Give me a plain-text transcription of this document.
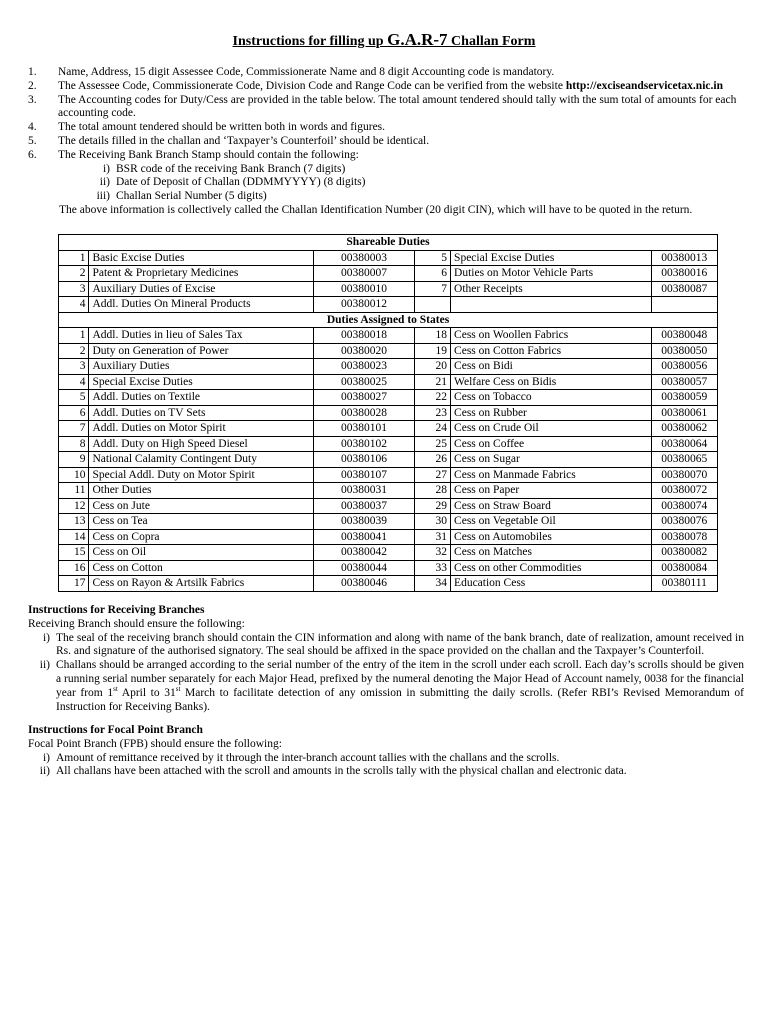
Instructions for filling up G.A.R-7 Challan Form
1.	Name, Address, 15 digit Assessee Code, Commissionerate Name and 8 digit Accounting code is mandatory.
2.	The Assessee Code, Commissionerate Code, Division Code and Range Code can be verified from the website http://exciseandservicetax.nic.in
3.	The Accounting codes for Duty/Cess are provided in the table below. The total amount tendered should tally with the sum total of amounts for each accounting code.
4.	The total amount tendered should be written both in words and figures.
5.	The details filled in the challan and ‘Taxpayer’s Counterfoil’ should be identical.
6.	The Receiving Bank Branch Stamp should contain the following:
i) BSR code of the receiving Bank Branch (7 digits)
ii) Date of Deposit of Challan (DDMMYYYY) (8 digits)
iii) Challan Serial Number (5 digits)
The above information is collectively called the Challan Identification Number (20 digit CIN), which will have to be quoted in the return.
Shareable Duties					
1	Basic Excise Duties	00380003	5	Special Excise Duties	00380013
2	Patent & Proprietary Medicines	00380007	6	Duties on Motor Vehicle Parts	00380016
3	Auxiliary Duties of Excise	00380010	7	Other Receipts	00380087
4	Addl. Duties On Mineral Products	00380012			
Duties Assigned to States					
1	Addl. Duties in lieu of Sales Tax	00380018	18	Cess on Woollen Fabrics	00380048
2	Duty on Generation of Power	00380020	19	Cess on Cotton Fabrics	00380050
3	Auxiliary Duties	00380023	20	Cess on Bidi	00380056
4	Special Excise Duties	00380025	21	Welfare Cess on Bidis	00380057
5	Addl. Duties on Textile	00380027	22	Cess on Tobacco	00380059
6	Addl. Duties on TV Sets	00380028	23	Cess on Rubber	00380061
7	Addl. Duties on Motor Spirit	00380101	24	Cess on Crude Oil	00380062
8	Addl. Duty on High Speed Diesel	00380102	25	Cess on Coffee	00380064
9	National Calamity Contingent Duty	00380106	26	Cess on Sugar	00380065
10	Special Addl. Duty on Motor Spirit	00380107	27	Cess on Manmade Fabrics	00380070
11	Other Duties	00380031	28	Cess on Paper	00380072
12	Cess on Jute	00380037	29	Cess on Straw Board	00380074
13	Cess on Tea	00380039	30	Cess on Vegetable Oil	00380076
14	Cess on Copra	00380041	31	Cess on Automobiles	00380078
15	Cess on Oil	00380042	32	Cess on Matches	00380082
16	Cess on Cotton	00380044	33	Cess on other Commodities	00380084
17	Cess on Rayon & Artsilk Fabrics	00380046	34	Education Cess	00380111
Instructions for Receiving Branches
Receiving Branch should ensure the following:
i) The seal of the receiving branch should contain the CIN information and along with name of the bank branch, date of realization, amount received in Rs. and signature of the authorised signatory. The seal should be affixed in the space provided on the challan and the Taxpayer’s Counterfoil.
ii) Challans should be arranged according to the serial number of the entry of the item in the scroll under each scroll. Each day’s scrolls should be given a running serial number separately for each Major Head, prefixed by the numeral denoting the Major Head of Account namely, 0038 for the financial year from 1st April to 31st March to facilitate detection of any omission in submitting the daily scrolls. (Refer RBI’s Revised Memorandum of Instruction for Receiving Banks).
Instructions for Focal Point Branch
Focal Point Branch (FPB) should ensure the following:
i) Amount of remittance received by it through the inter-branch account tallies with the challans and the scrolls.
ii) All challans have been attached with the scroll and amounts in the scrolls tally with the physical challan and electronic data.
